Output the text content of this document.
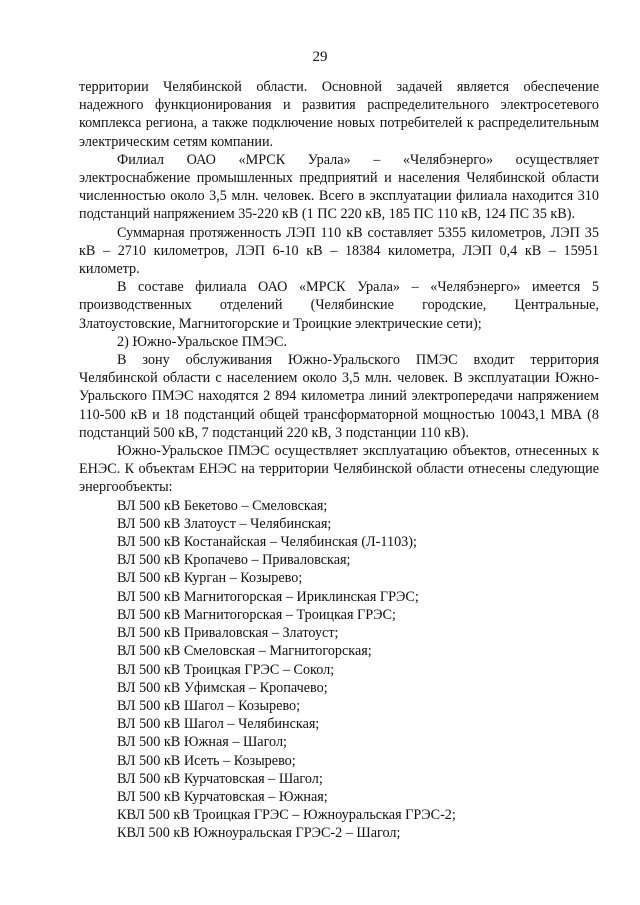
29

территории Челябинской области. Основной задачей является обеспечение надежного функционирования и развития распределительного электросетевого комплекса региона, а также подключение новых потребителей к распределительным электрическим сетям компании.

Филиал ОАО «МРСК Урала» – «Челябэнерго» осуществляет электроснабжение промышленных предприятий и населения Челябинской области численностью около 3,5 млн. человек. Всего в эксплуатации филиала находится 310 подстанций напряжением 35-220 кВ (1 ПС 220 кВ, 185 ПС 110 кВ, 124 ПС 35 кВ).

Суммарная протяженность ЛЭП 110 кВ составляет 5355 километров, ЛЭП 35 кВ – 2710 километров, ЛЭП 6-10 кВ – 18384 километра, ЛЭП 0,4 кВ – 15951 километр.

В составе филиала ОАО «МРСК Урала» – «Челябэнерго» имеется 5 производственных отделений (Челябинские городские, Центральные, Златоустовские, Магнитогорские и Троицкие электрические сети);

2) Южно-Уральское ПМЭС.

В зону обслуживания Южно-Уральского ПМЭС входит территория Челябинской области с населением около 3,5 млн. человек. В эксплуатации Южно-Уральского ПМЭС находятся 2 894 километра линий электропередачи напряжением 110-500 кВ и 18 подстанций общей трансформаторной мощностью 10043,1 МВА (8 подстанций 500 кВ, 7 подстанций 220 кВ, 3 подстанции 110 кВ).

Южно-Уральское ПМЭС осуществляет эксплуатацию объектов, отнесенных к ЕНЭС. К объектам ЕНЭС на территории Челябинской области отнесены следующие энергообъекты:

ВЛ 500 кВ Бекетово – Смеловская;
ВЛ 500 кВ Златоуст – Челябинская;
ВЛ 500 кВ Костанайская – Челябинская (Л-1103);
ВЛ 500 кВ Кропачево – Приваловская;
ВЛ 500 кВ Курган – Козырево;
ВЛ 500 кВ Магнитогорская – Ириклинская ГРЭС;
ВЛ 500 кВ Магнитогорская – Троицкая ГРЭС;
ВЛ 500 кВ Приваловская – Златоуст;
ВЛ 500 кВ Смеловская – Магнитогорская;
ВЛ 500 кВ Троицкая ГРЭС – Сокол;
ВЛ 500 кВ Уфимская – Кропачево;
ВЛ 500 кВ Шагол – Козырево;
ВЛ 500 кВ Шагол – Челябинская;
ВЛ 500 кВ Южная – Шагол;
ВЛ 500 кВ Исеть – Козырево;
ВЛ 500 кВ Курчатовская – Шагол;
ВЛ 500 кВ Курчатовская – Южная;
КВЛ 500 кВ Троицкая ГРЭС – Южноуральская ГРЭС-2;
КВЛ 500 кВ Южноуральская ГРЭС-2 – Шагол;
